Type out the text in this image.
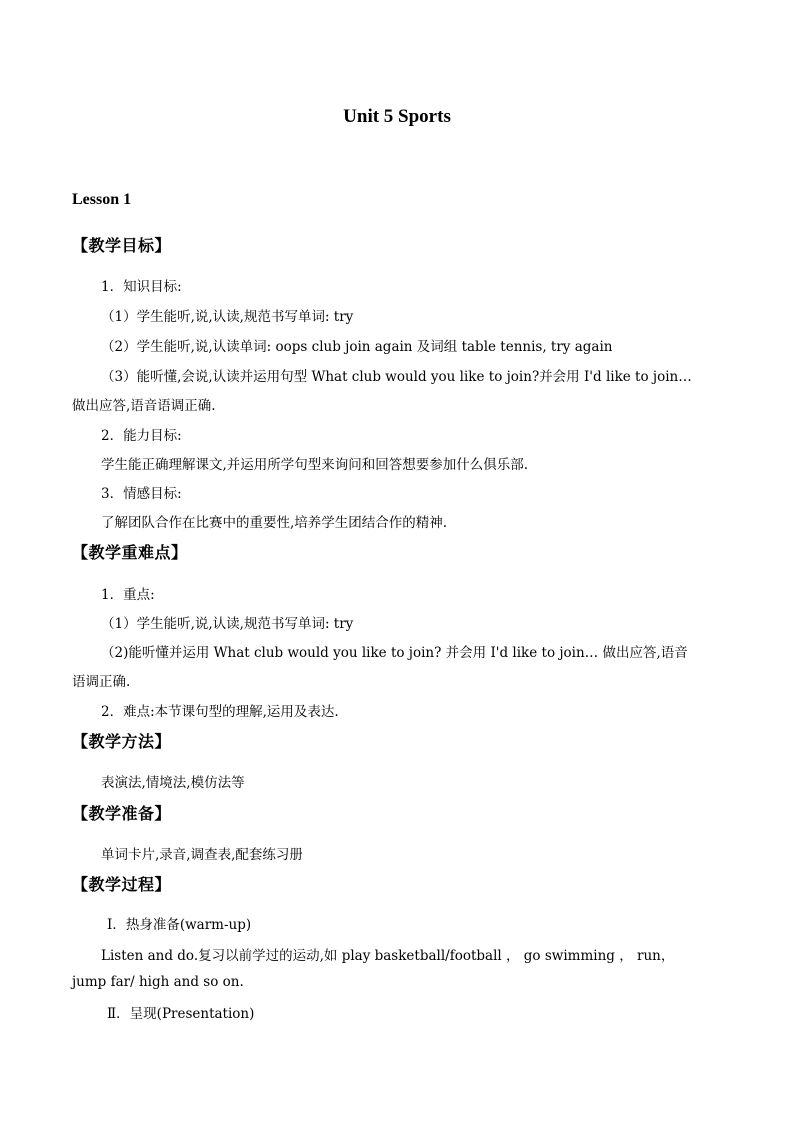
Unit 5 Sports
Lesson 1
【教学目标】
1．知识目标:
（1）学生能听,说,认读,规范书写单词: try
（2）学生能听,说,认读单词: oops club join again 及词组 table tennis, try again
（3）能听懂,会说,认读并运用句型 What club would you like to join?并会用 I'd like to join…
做出应答,语音语调正确.
2．能力目标:
学生能正确理解课文,并运用所学句型来询问和回答想要参加什么俱乐部.
3．情感目标:
了解团队合作在比赛中的重要性,培养学生团结合作的精神.
【教学重难点】
1．重点:
（1）学生能听,说,认读,规范书写单词: try
（2)能听懂并运用 What club would you like to join? 并会用 I'd like to join… 做出应答,语音
语调正确.
2．难点:本节课句型的理解,运用及表达.
【教学方法】
表演法,情境法,模仿法等
【教学准备】
单词卡片,录音,调查表,配套练习册
【教学过程】
Ⅰ．热身准备(warm-up)
Listen and do.复习以前学过的运动,如 play basketball/football ， go swimming ， run，
jump far/ high and so on.
Ⅱ．呈现(Presentation)
